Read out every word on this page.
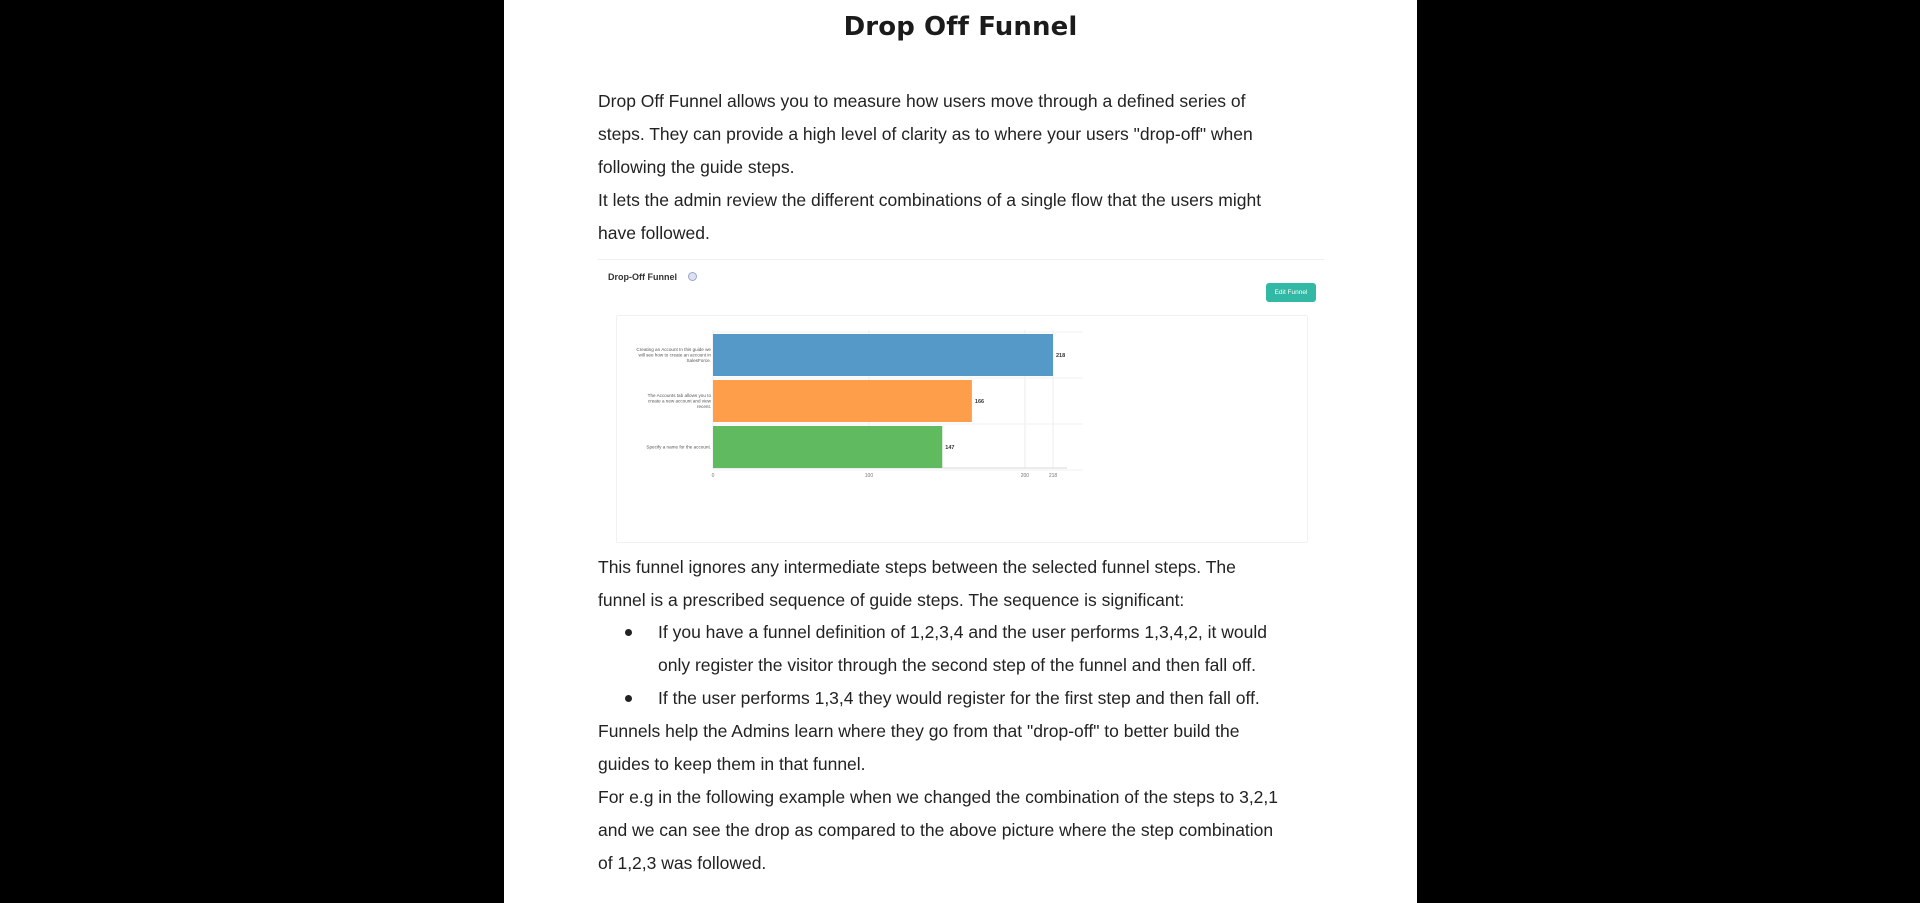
Drop Off Funnel
Drop Off Funnel allows you to measure how users move through a defined series of
steps. They can provide a high level of clarity as to where your users "drop-off" when
following the guide steps.
It lets the admin review the different combinations of a single flow that the users might
have followed.
Drop-Off Funnel
Edit Funnel
218
Creating an Account In this guide we
will see how to create an account in
SalesForce.
166
The Accounts tab allows you to
create a new account and view
recent.
147
Specify a name for the account.
0	100	200	218
This funnel ignores any intermediate steps between the selected funnel steps. The
funnel is a prescribed sequence of guide steps. The sequence is significant:
If you have a funnel definition of 1,2,3,4 and the user performs 1,3,4,2, it would
only register the visitor through the second step of the funnel and then fall off.
If the user performs 1,3,4 they would register for the first step and then fall off.
Funnels help the Admins learn where they go from that "drop-off" to better build the
guides to keep them in that funnel.
For e.g in the following example when we changed the combination of the steps to 3,2,1
and we can see the drop as compared to the above picture where the step combination
of 1,2,3 was followed.
